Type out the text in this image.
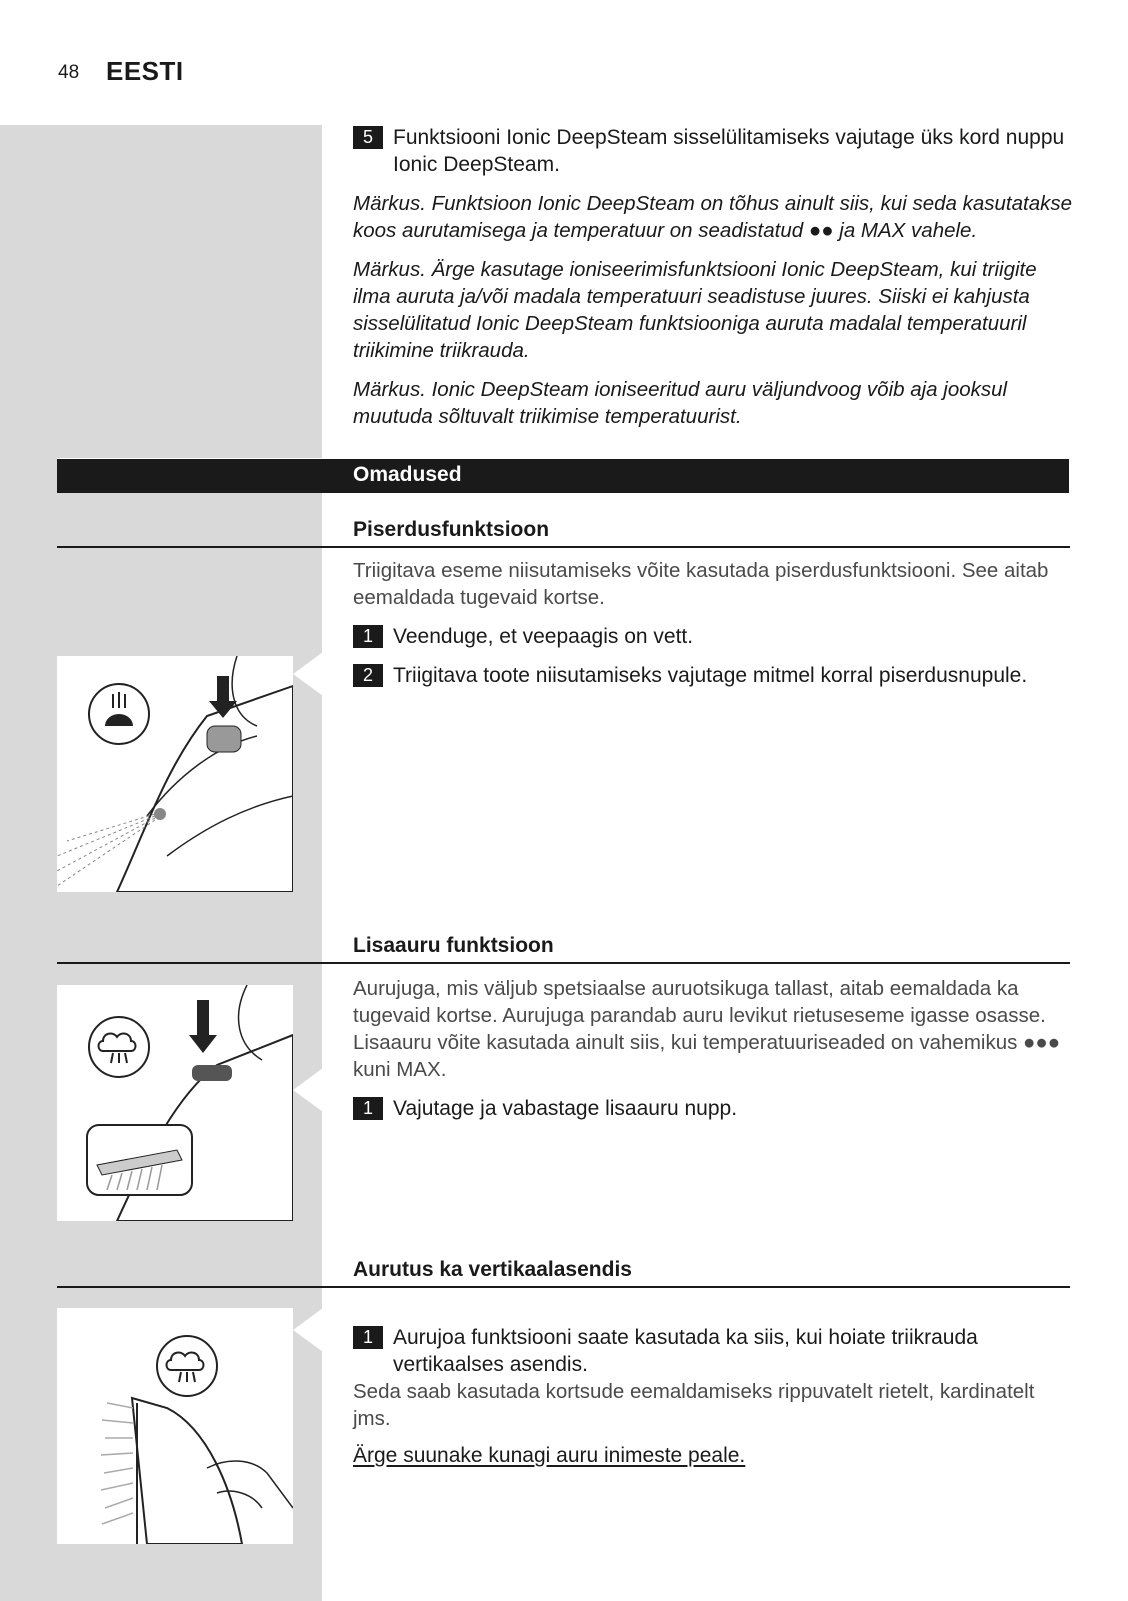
48 EESTI
5 Funktsiooni Ionic DeepSteam sisselülitamiseks vajutage üks kord nuppu Ionic DeepSteam.
Märkus. Funktsioon Ionic DeepSteam on tõhus ainult siis, kui seda kasutatakse koos aurutamisega ja temperatuur on seadistatud ●● ja MAX vahele.
Märkus. Ärge kasutage ioniseerimisfunktsiooni Ionic DeepSteam, kui triigite ilma auruta ja/või madala temperatuuri seadistuse juures. Siiski ei kahjusta sisselülitatud Ionic DeepSteam funktsiooniga auruta madalal temperatuuril triikimine triikrauda.
Märkus. Ionic DeepSteam ioniseeritud auru väljundvoog võib aja jooksul muutuda sõltuvalt triikimise temperatuurist.
Omadused
Piserdusfunktsioon
Triigitava eseme niisutamiseks võite kasutada piserdusfunktsiooni. See aitab eemaldada tugevaid kortse.
1 Veenduge, et veepaagis on vett.
2 Triigitava toote niisutamiseks vajutage mitmel korral piserdusnupule.
Lisaauru funktsioon
Aurujuga, mis väljub spetsiaalse auruotsikuga tallast, aitab eemaldada ka tugevaid kortse. Aurujuga parandab auru levikut rietuseseme igasse osasse. Lisaauru võite kasutada ainult siis, kui temperatuuriseaded on vahemikus ●●● kuni MAX.
1 Vajutage ja vabastage lisaauru nupp.
Aurutus ka vertikaalasendis
1 Aurujoa funktsiooni saate kasutada ka siis, kui hoiate triikrauda vertikaalses asendis.
Seda saab kasutada kortsude eemaldamiseks rippuvatelt rietelt, kardinatelt jms.
Ärge suunake kunagi auru inimeste peale.
